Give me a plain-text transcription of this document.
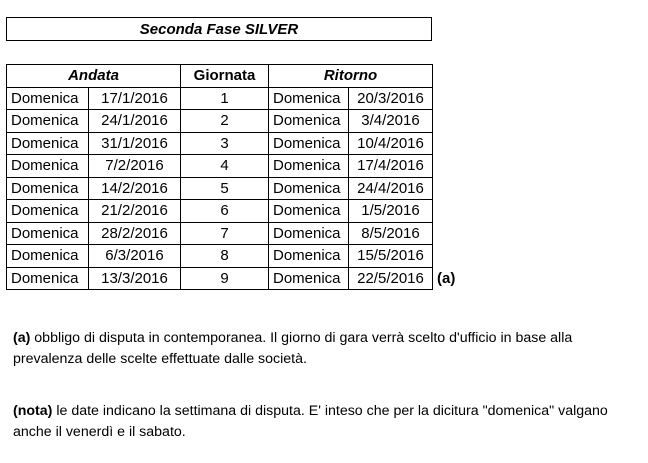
Seconda Fase SILVER
Andata		Giornata	Ritorno		
Domenica	17/1/2016	1	Domenica	20/3/2016	
Domenica	24/1/2016	2	Domenica	3/4/2016	
Domenica	31/1/2016	3	Domenica	10/4/2016	
Domenica	7/2/2016	4	Domenica	17/4/2016	
Domenica	14/2/2016	5	Domenica	24/4/2016	
Domenica	21/2/2016	6	Domenica	1/5/2016	
Domenica	28/2/2016	7	Domenica	8/5/2016	
Domenica	6/3/2016	8	Domenica	15/5/2016	
Domenica	13/3/2016	9	Domenica	22/5/2016	(a)
(a) obbligo di disputa in contemporanea. Il giorno di gara verrà scelto d'ufficio in base alla prevalenza delle scelte effettuate dalle società.
(nota) le date indicano la settimana di disputa. E' inteso che per la dicitura "domenica" valgano anche il venerdì e il sabato.
